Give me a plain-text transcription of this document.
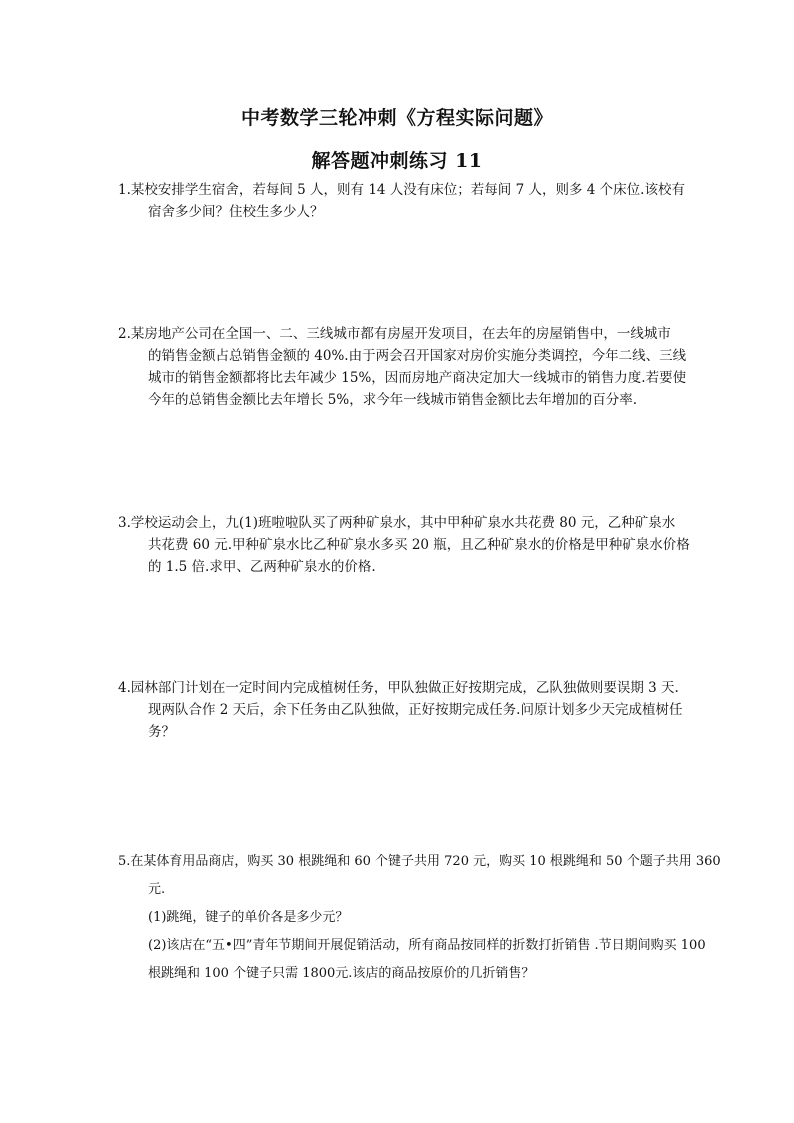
中考数学三轮冲刺《方程实际问题》
解答题冲刺练习 11
1.某校安排学生宿舍，若每间 5 人，则有 14 人没有床位；若每间 7 人，则多 4 个床位.该校有
宿舍多少间？住校生多少人？
2.某房地产公司在全国一、二、三线城市都有房屋开发项目，在去年的房屋销售中，一线城市
的销售金额占总销售金额的 40%.由于两会召开国家对房价实施分类调控，今年二线、三线
城市的销售金额都将比去年减少 15%，因而房地产商决定加大一线城市的销售力度.若要使
今年的总销售金额比去年增长 5%，求今年一线城市销售金额比去年增加的百分率.
3.学校运动会上，九(1)班啦啦队买了两种矿泉水，其中甲种矿泉水共花费 80 元，乙种矿泉水
共花费 60 元.甲种矿泉水比乙种矿泉水多买 20 瓶，且乙种矿泉水的价格是甲种矿泉水价格
的 1.5 倍.求甲、乙两种矿泉水的价格.
4.园林部门计划在一定时间内完成植树任务，甲队独做正好按期完成，乙队独做则要误期 3 天.
现两队合作 2 天后，余下任务由乙队独做，正好按期完成任务.问原计划多少天完成植树任
务？
5.在某体育用品商店，购买 30 根跳绳和 60 个键子共用 720 元，购买 10 根跳绳和 50 个题子共用 360
元.
(1)跳绳，键子的单价各是多少元？
(2)该店在“五•四”青年节期间开展促销活动，所有商品按同样的折数打折销售 .节日期间购买 100
根跳绳和 100 个键子只需 1800元.该店的商品按原价的几折销售？
